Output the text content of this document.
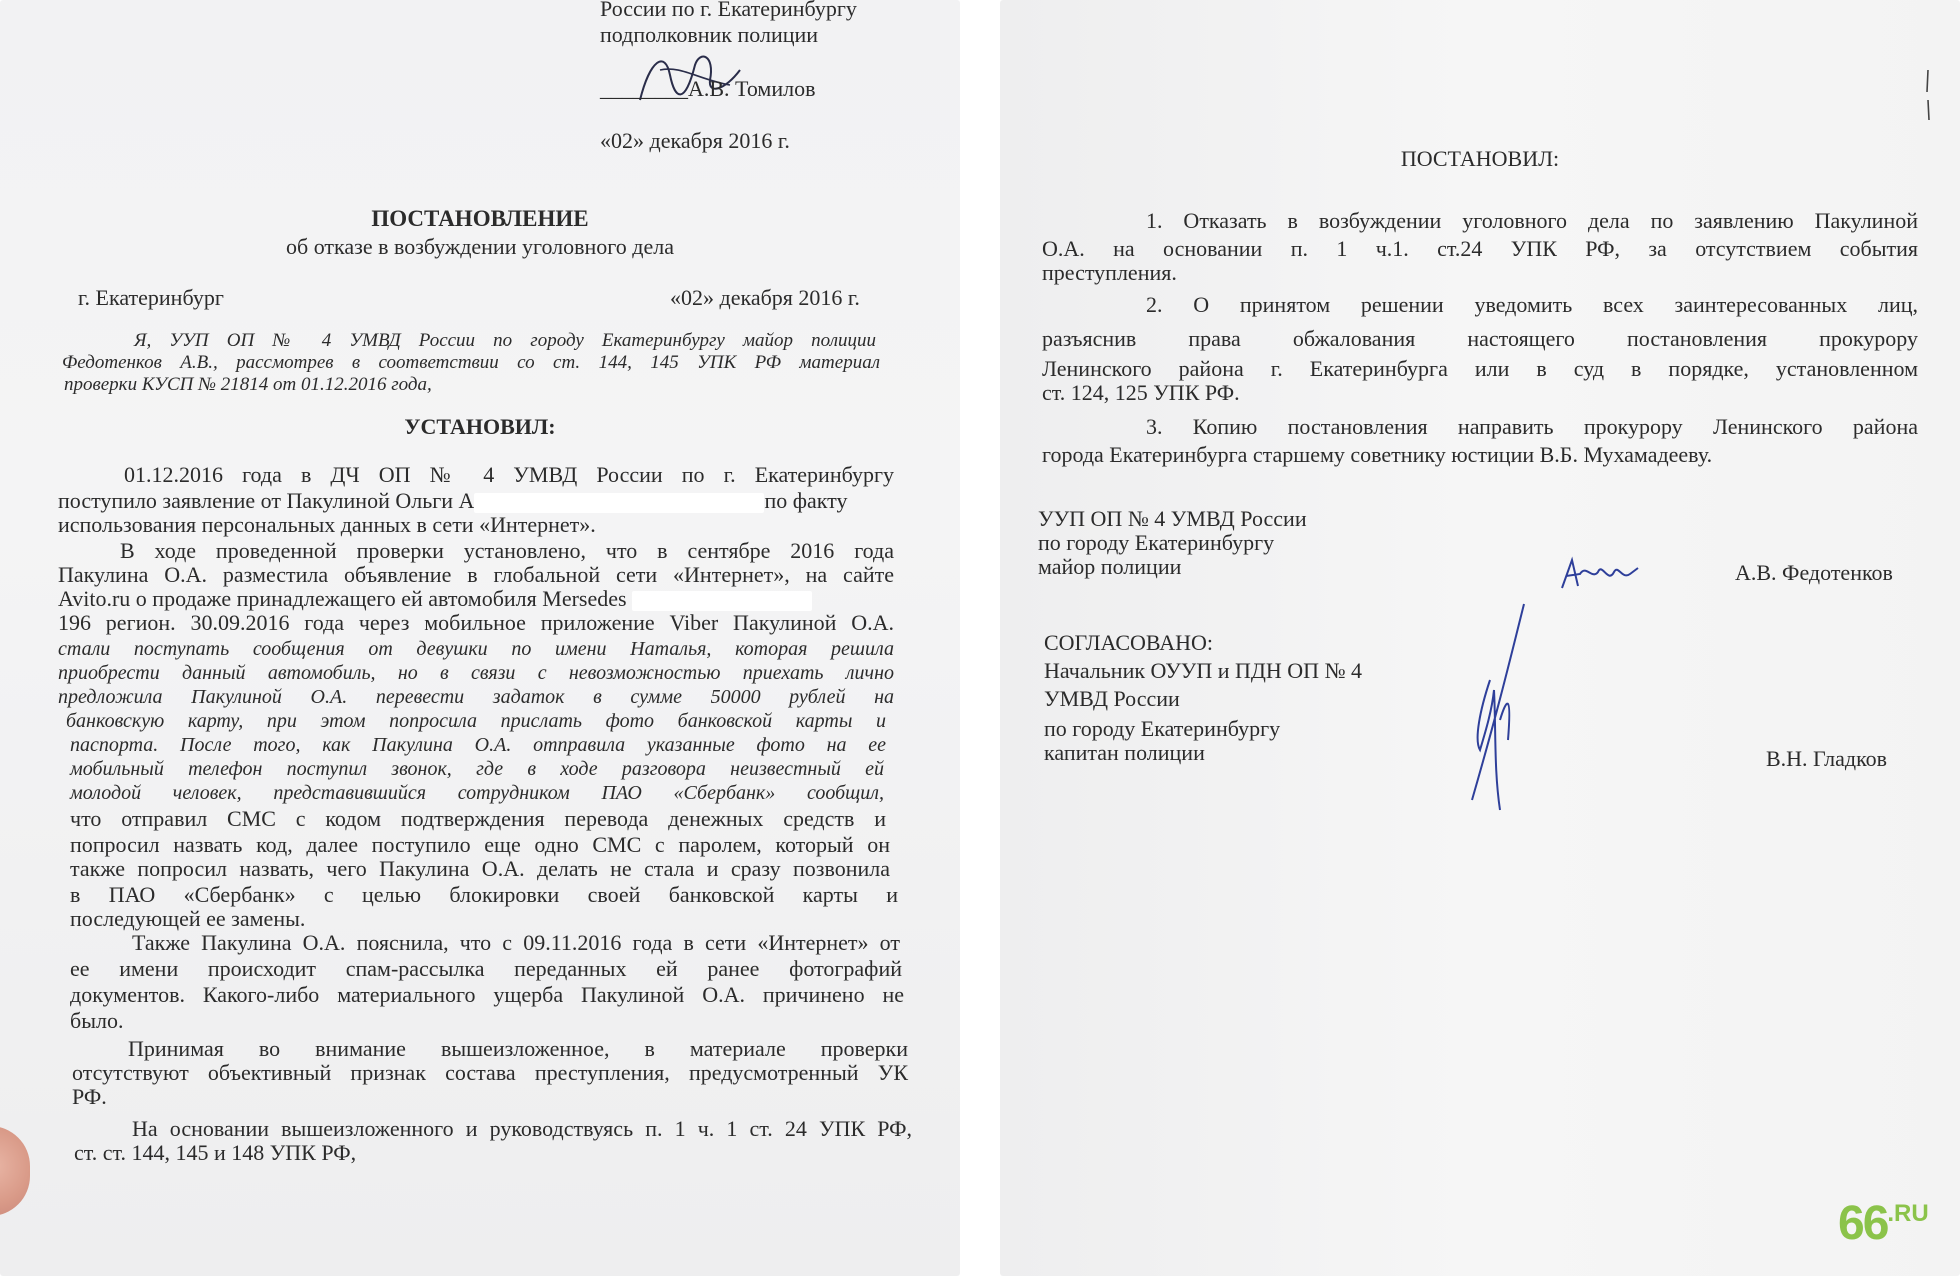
России по г. Екатеринбургу
подполковник полиции
________А.В. Томилов
«02» декабря 2016 г.
ПОСТАНОВЛЕНИЕ
об отказе в возбуждении уголовного дела
г. Екатеринбург	«02» декабря 2016 г.
Я, УУП ОП № 4 УМВД России по городу Екатеринбургу майор полиции
Федотенков А.В., рассмотрев в соответствии со ст. 144, 145 УПК РФ материал
проверки КУСП № 21814 от 01.12.2016 года,
УСТАНОВИЛ:
01.12.2016 года в ДЧ ОП № 4 УМВД России по г. Екатеринбургу
поступило заявление от Пакулиной Ольги А	по факту
использования персональных данных в сети «Интернет».
В ходе проведенной проверки установлено, что в сентябре 2016 года
Пакулина О.А. разместила объявление в глобальной сети «Интернет», на сайте
Avito.ru о продаже принадлежащего ей автомобиля Mersedes
196 регион. 30.09.2016 года через мобильное приложение Viber Пакулиной О.А.
стали поступать сообщения от девушки по имени Наталья, которая решила
приобрести данный автомобиль, но в связи с невозможностью приехать лично
предложила Пакулиной О.А. перевести задаток в сумме 50000 рублей на
банковскую карту, при этом попросила прислать фото банковской карты и
паспорта. После того, как Пакулина О.А. отправила указанные фото на ее
мобильный телефон поступил звонок, где в ходе разговора неизвестный ей
молодой человек, представившийся сотрудником ПАО «Сбербанк» сообщил,
что отправил СМС с кодом подтверждения перевода денежных средств и
попросил назвать код, далее поступило еще одно СМС с паролем, который он
также попросил назвать, чего Пакулина О.А. делать не стала и сразу позвонила
в ПАО «Сбербанк» с целью блокировки своей банковской карты и
последующей ее замены.
Также Пакулина О.А. пояснила, что с 09.11.2016 года в сети «Интернет» от
ее имени происходит спам-рассылка переданных ей ранее фотографий
документов. Какого-либо материального ущерба Пакулиной О.А. причинено не
было.
Принимая во внимание вышеизложенное, в материале проверки
отсутствуют объективный признак состава преступления, предусмотренный УК
РФ.
На основании вышеизложенного и руководствуясь п. 1 ч. 1 ст. 24 УПК РФ,
ст. ст. 144, 145 и 148 УПК РФ,
ПОСТАНОВИЛ:
1. Отказать в возбуждении уголовного дела по заявлению Пакулиной
О.А. на основании п. 1 ч.1. ст.24 УПК РФ, за отсутствием события
преступления.
2. О принятом решении уведомить всех заинтересованных лиц,
разъяснив права обжалования настоящего постановления прокурору
Ленинского района г. Екатеринбурга или в суд в порядке, установленном
ст. 124, 125 УПК РФ.
3. Копию постановления направить прокурору Ленинского района
города Екатеринбурга старшему советнику юстиции В.Б. Мухамадееву.
УУП ОП № 4 УМВД России
по городу Екатеринбургу
майор полиции	А.В. Федотенков
СОГЛАСОВАНО:
Начальник ОУУП и ПДН ОП № 4
УМВД России
по городу Екатеринбургу
капитан полиции	В.Н. Гладков
66.RU
